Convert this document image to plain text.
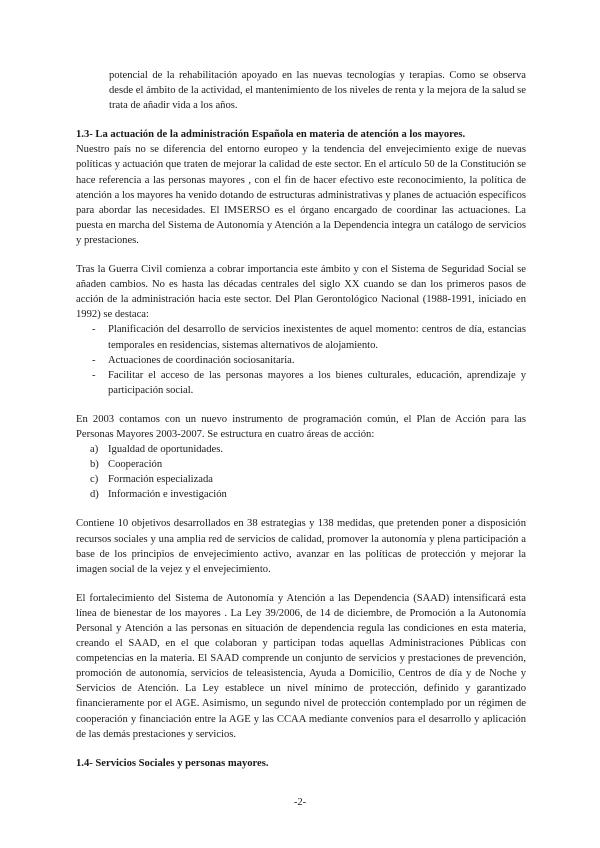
potencial de la rehabilitación apoyado en las nuevas tecnologías y terapias. Como se observa desde el ámbito de la actividad, el mantenimiento de los niveles de renta y la mejora de la salud se trata de añadir vida a los años.

1.3- La actuación de la administración Española en materia de atención a los mayores.

Nuestro país no se diferencia del entorno europeo y la tendencia del envejecimiento exige de nuevas políticas y actuación que traten de mejorar la calidad de este sector. En el artículo 50 de la Constitución se hace referencia a las personas mayores , con el fin de hacer efectivo este reconocimiento, la política de atención a los mayores ha venido dotando de estructuras administrativas y planes de actuación específicos para abordar las necesidades. El IMSERSO es el órgano encargado de coordinar las actuaciones. La puesta en marcha del Sistema de Autonomía y Atención a la Dependencia integra un catálogo de servicios y prestaciones.

Tras la Guerra Civil comienza a cobrar importancia este ámbito y con el Sistema de Seguridad Social se añaden cambios. No es hasta las décadas centrales del siglo XX cuando se dan los primeros pasos de acción de la administración hacia este sector. Del Plan Gerontológico Nacional (1988-1991, iniciado en 1992) se destaca:

- Planificación del desarrollo de servicios inexistentes de aquel momento: centros de día, estancias temporales en residencias, sistemas alternativos de alojamiento.
- Actuaciones de coordinación sociosanitaria.
- Facilitar el acceso de las personas mayores a los bienes culturales, educación, aprendizaje y participación social.

En 2003 contamos con un nuevo instrumento de programación común, el Plan de Acción para las Personas Mayores 2003-2007. Se estructura en cuatro áreas de acción:

a) Igualdad de oportunidades.
b) Cooperación
c) Formación especializada
d) Información e investigación

Contiene 10 objetivos desarrollados en 38 estrategias y 138 medidas, que pretenden poner a disposición recursos sociales y una amplia red de servicios de calidad, promover la autonomía y plena participación a base de los principios de envejecimiento activo, avanzar en las políticas de protección y mejorar la imagen social de la vejez y el envejecimiento.

El fortalecimiento del Sistema de Autonomía y Atención a las Dependencia (SAAD) intensificará esta línea de bienestar de los mayores . La Ley 39/2006, de 14 de diciembre, de Promoción a la Autonomía Personal y Atención a las personas en situación de dependencia regula las condiciones en esta materia, creando el SAAD, en el que colaboran y participan todas aquellas Administraciones Públicas con competencias en la materia. El SAAD comprende un conjunto de servicios y prestaciones de prevención, promoción de autonomía, servicios de teleasistencia, Ayuda a Domicilio, Centros de día y de Noche y Servicios de Atención. La Ley establece un nivel mínimo de protección, definido y garantizado financieramente por el AGE. Asimismo, un segundo nivel de protección contemplado por un régimen de cooperación y financiación entre la AGE y las CCAA mediante convenios para el desarrollo y aplicación de las demás prestaciones y servicios.

1.4- Servicios Sociales y personas mayores.

-2-
